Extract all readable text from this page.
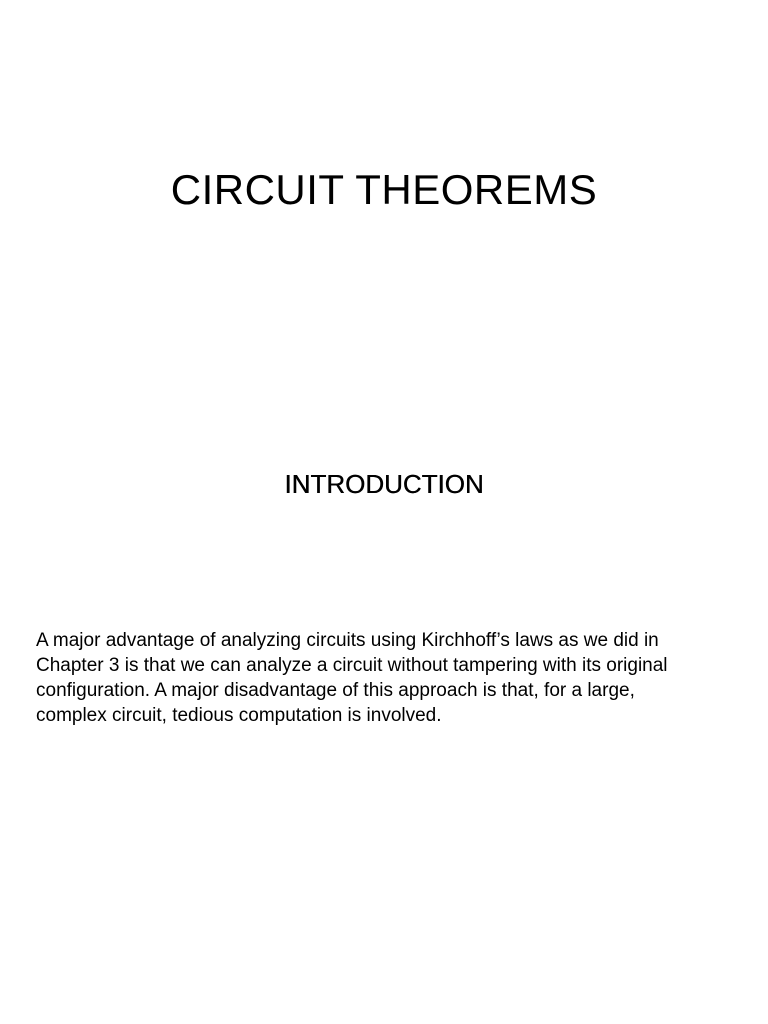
CIRCUIT THEOREMS
INTRODUCTION
A major advantage of analyzing circuits using Kirchhoff’s laws as we did in
Chapter 3 is that we can analyze a circuit without tampering with its original
configuration. A major disadvantage of this approach is that, for a large,
complex circuit, tedious computation is involved.
